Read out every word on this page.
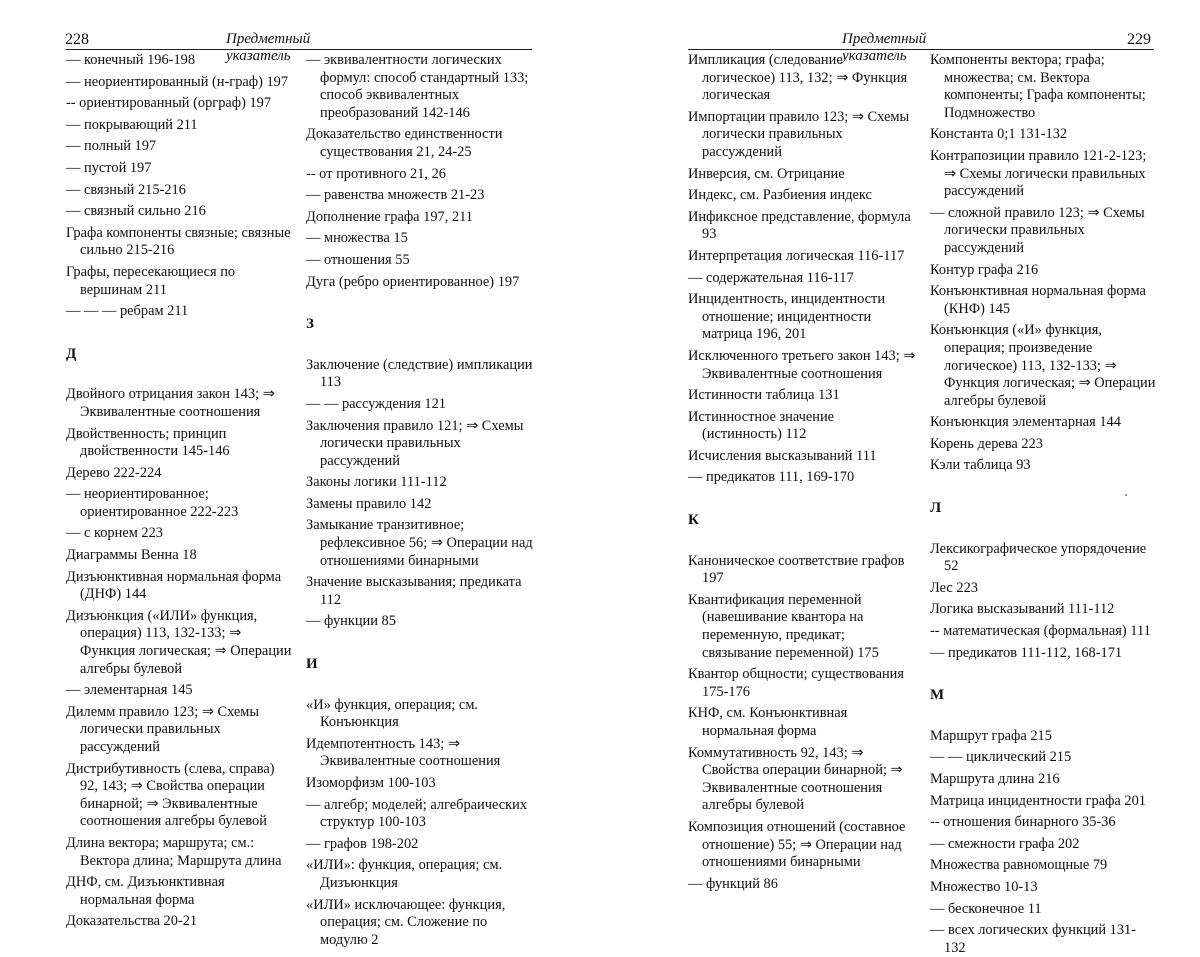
228	Предметный указатель
— конечный 196-198
— неориентированный (н-граф) 197
-- ориентированный (орграф) 197
— покрывающий 211
— полный 197
— пустой 197
— связный 215-216
— связный сильно 216
Графа компоненты связные; связные сильно 215-216
Графы, пересекающиеся по вершинам 211
— — — ребрам 211
Д
Двойного отрицания закон 143; ⇒ Эквивалентные соотношения
Двойственность; принцип двойственности 145-146
Дерево 222-224
— неориентированное; ориентированное 222-223
— с корнем 223
Диаграммы Венна 18
Дизъюнктивная нормальная форма (ДНФ) 144
Дизъюнкция («ИЛИ» функция, операция) 113, 132-133; ⇒ Функция логическая; ⇒ Операции алгебры булевой
— элементарная 145
Дилемм правило 123; ⇒ Схемы логически правильных рассуждений
Дистрибутивность (слева, справа) 92, 143; ⇒ Свойства операции бинарной; ⇒ Эквивалентные соотношения алгебры булевой
Длина вектора; маршрута; см.: Вектора длина; Маршрута длина
ДНФ, см. Дизъюнктивная нормальная форма
Доказательства 20-21
— эквивалентности логических формул: способ стандартный 133; способ эквивалентных преобразований 142-146
Доказательство единственности существования 21, 24-25
-- от противного 21, 26
— равенства множеств 21-23
Дополнение графа 197, 211
— множества 15
— отношения 55
Дуга (ребро ориентированное) 197
З
Заключение (следствие) импликации 113
— — рассуждения 121
Заключения правило 121; ⇒ Схемы логически правильных рассуждений
Законы логики 111-112
Замены правило 142
Замыкание транзитивное; рефлексивное 56; ⇒ Операции над отношениями бинарными
Значение высказывания; предиката 112
— функции 85
И
«И» функция, операция; см. Конъюнкция
Идемпотентность 143; ⇒ Эквивалентные соотношения
Изоморфизм 100-103
— алгебр; моделей; алгебраических структур 100-103
— графов 198-202
«ИЛИ»: функция, операция; см. Дизъюнкция
«ИЛИ» исключающее: функция, операция; см. Сложение по модулю 2
Предметный указатель
229
Импликация (следование логическое) 113, 132; ⇒ Функция логическая
Импортации правило 123; ⇒ Схемы логически правильных рассуждений
Инверсия, см. Отрицание
Индекс, см. Разбиения индекс
Инфиксное представление, формула 93
Интерпретация логическая 116-117
— содержательная 116-117
Инцидентность, инцидентности отношение; инцидентности матрица 196, 201
Исключенного третьего закон 143; ⇒ Эквивалентные соотношения
Истинности таблица 131
Истинностное значение (истинность) 112
Исчисления высказываний 111
— предикатов 111, 169-170
К
Каноническое соответствие графов 197
Квантификация переменной (навешивание квантора на переменную, предикат; связывание переменной) 175
Квантор общности; существования 175-176
КНФ, см. Конъюнктивная нормальная форма
Коммутативность 92, 143; ⇒ Свойства операции бинарной; ⇒ Эквивалентные соотношения алгебры булевой
Композиция отношений (составное отношение) 55; ⇒ Операции над отношениями бинарными
— функций 86
Компоненты вектора; графа; множества; см. Вектора компоненты; Графа компоненты; Подмножество
Константа 0;1 131-132
Контрапозиции правило 121-2-123; ⇒ Схемы логически правильных рассуждений
— сложной правило 123; ⇒ Схемы логически правильных рассуждений
Контур графа 216
Конъюнктивная нормальная форма (КНФ) 145
Конъюнкция («И» функция, операция; произведение логическое) 113, 132-133; ⇒ Функция логическая; ⇒ Операции алгебры булевой
Конъюнкция элементарная 144
Корень дерева 223
Кэли таблица 93
Л
Лексикографическое упорядочение 52
Лес 223
Логика высказываний 111-112
-- математическая (формальная) 111
— предикатов 111-112, 168-171
М
Маршрут графа 215
— — циклический 215
Маршрута длина 216
Матрица инцидентности графа 201
-- отношения бинарного 35-36
— смежности графа 202
Множества равномощные 79
Множество 10-13
— бесконечное 11
— всех логических функций 131-132
